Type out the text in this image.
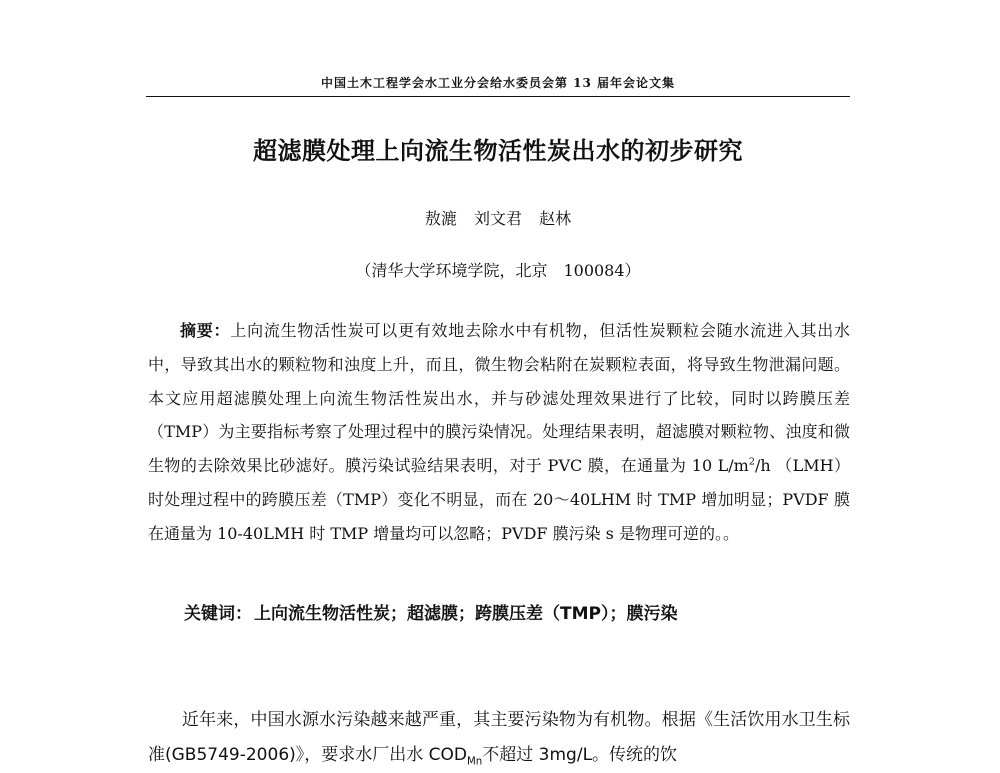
中国土木工程学会水工业分会给水委员会第 13 届年会论文集
超滤膜处理上向流生物活性炭出水的初步研究
敖漉 刘文君 赵林
（清华大学环境学院，北京　100084）

摘要：上向流生物活性炭可以更有效地去除水中有机物，但活性炭颗粒会随水流进入其出水中，导致其出水的颗粒物和浊度上升，而且，微生物会粘附在炭颗粒表面，将导致生物泄漏问题。本文应用超滤膜处理上向流生物活性炭出水，并与砂滤处理效果进行了比较，同时以跨膜压差（TMP）为主要指标考察了处理过程中的膜污染情况。处理结果表明，超滤膜对颗粒物、浊度和微生物的去除效果比砂滤好。膜污染试验结果表明，对于 PVC 膜，在通量为 10 $L/m^2/h$ （LMH）时处理过程中的跨膜压差（TMP）变化不明显，而在 20～40LHM 时 TMP 增加明显；PVDF 膜在通量为 10-40LMH 时 TMP 增量均可以忽略；PVDF 膜污染 s 是物理可逆的。。

关键词： 上向流生物活性炭；超滤膜；跨膜压差（TMP）；膜污染

近年来，中国水源水污染越来越严重，其主要污染物为有机物。根据《生活饮用水卫生标准(GB5749-2006)》，要求水厂出水 $COD_{Mn}$不超过 3mg/L。传统的饮
